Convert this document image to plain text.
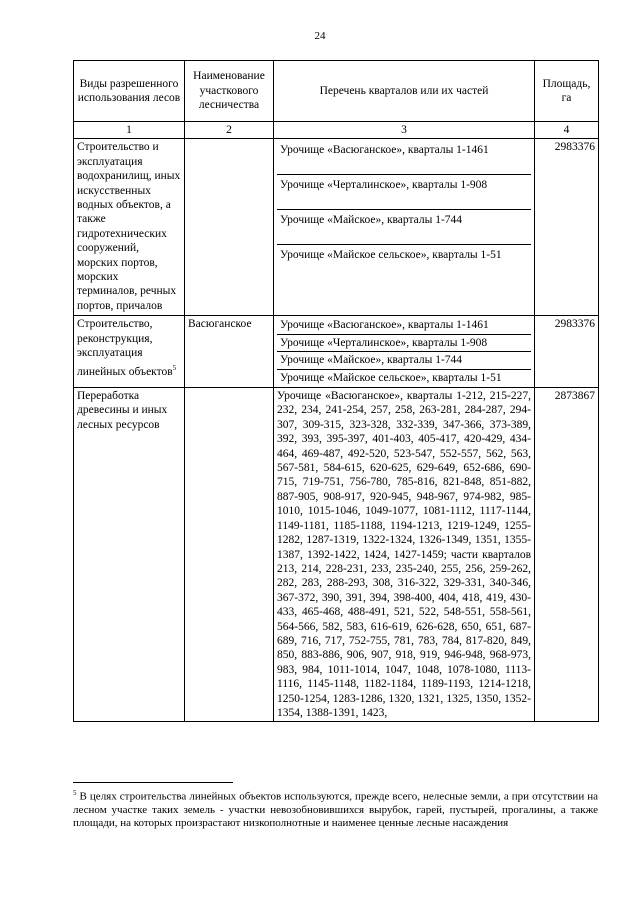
24
Виды разрешенного использования лесов	Наименование участкового лесничества	Перечень кварталов или их частей	Площадь, га
1	2	3	4
Строительство и эксплуатация водохранилищ, иных искусственных водных объектов, а также гидротехнических сооружений, морских портов, морских терминалов, речных портов, причалов		Урочище «Васюганское», кварталы 1-1461
Урочище «Черталинское», кварталы 1-908
Урочище «Майское», кварталы 1-744
Урочище «Майское сельское», кварталы 1-51	2983376
Строительство, реконструкция, эксплуатация линейных объектов$^5$	Васюганское	Урочище «Васюганское», кварталы 1-1461
Урочище «Черталинское», кварталы 1-908
Урочище «Майское», кварталы 1-744
Урочище «Майское сельское», кварталы 1-51	2983376
Переработка древесины и иных лесных ресурсов		Урочище «Васюганское», кварталы 1-212, 215-227, 232, 234, 241-254, 257, 258, 263-281, 284-287, 294-307, 309-315, 323-328, 332-339, 347-366, 373-389, 392, 393, 395-397, 401-403, 405-417, 420-429, 434-464, 469-487, 492-520, 523-547, 552-557, 562, 563, 567-581, 584-615, 620-625, 629-649, 652-686, 690-715, 719-751, 756-780, 785-816, 821-848, 851-882, 887-905, 908-917, 920-945, 948-967, 974-982, 985-1010, 1015-1046, 1049-1077, 1081-1112, 1117-1144, 1149-1181, 1185-1188, 1194-1213, 1219-1249, 1255-1282, 1287-1319, 1322-1324, 1326-1349, 1351, 1355-1387, 1392-1422, 1424, 1427-1459; части кварталов 213, 214, 228-231, 233, 235-240, 255, 256, 259-262, 282, 283, 288-293, 308, 316-322, 329-331, 340-346, 367-372, 390, 391, 394, 398-400, 404, 418, 419, 430-433, 465-468, 488-491, 521, 522, 548-551, 558-561, 564-566, 582, 583, 616-619, 626-628, 650, 651, 687-689, 716, 717, 752-755, 781, 783, 784, 817-820, 849, 850, 883-886, 906, 907, 918, 919, 946-948, 968-973, 983, 984, 1011-1014, 1047, 1048, 1078-1080, 1113-1116, 1145-1148, 1182-1184, 1189-1193, 1214-1218, 1250-1254, 1283-1286, 1320, 1321, 1325, 1350, 1352-1354, 1388-1391, 1423,	2873867
$^5$ В целях строительства линейных объектов используются, прежде всего, нелесные земли, а при отсутствии на лесном участке таких земель - участки невозобновившихся вырубок, гарей, пустырей, прогалины, а также площади, на которых произрастают низкополнотные и наименее ценные лесные насаждения
